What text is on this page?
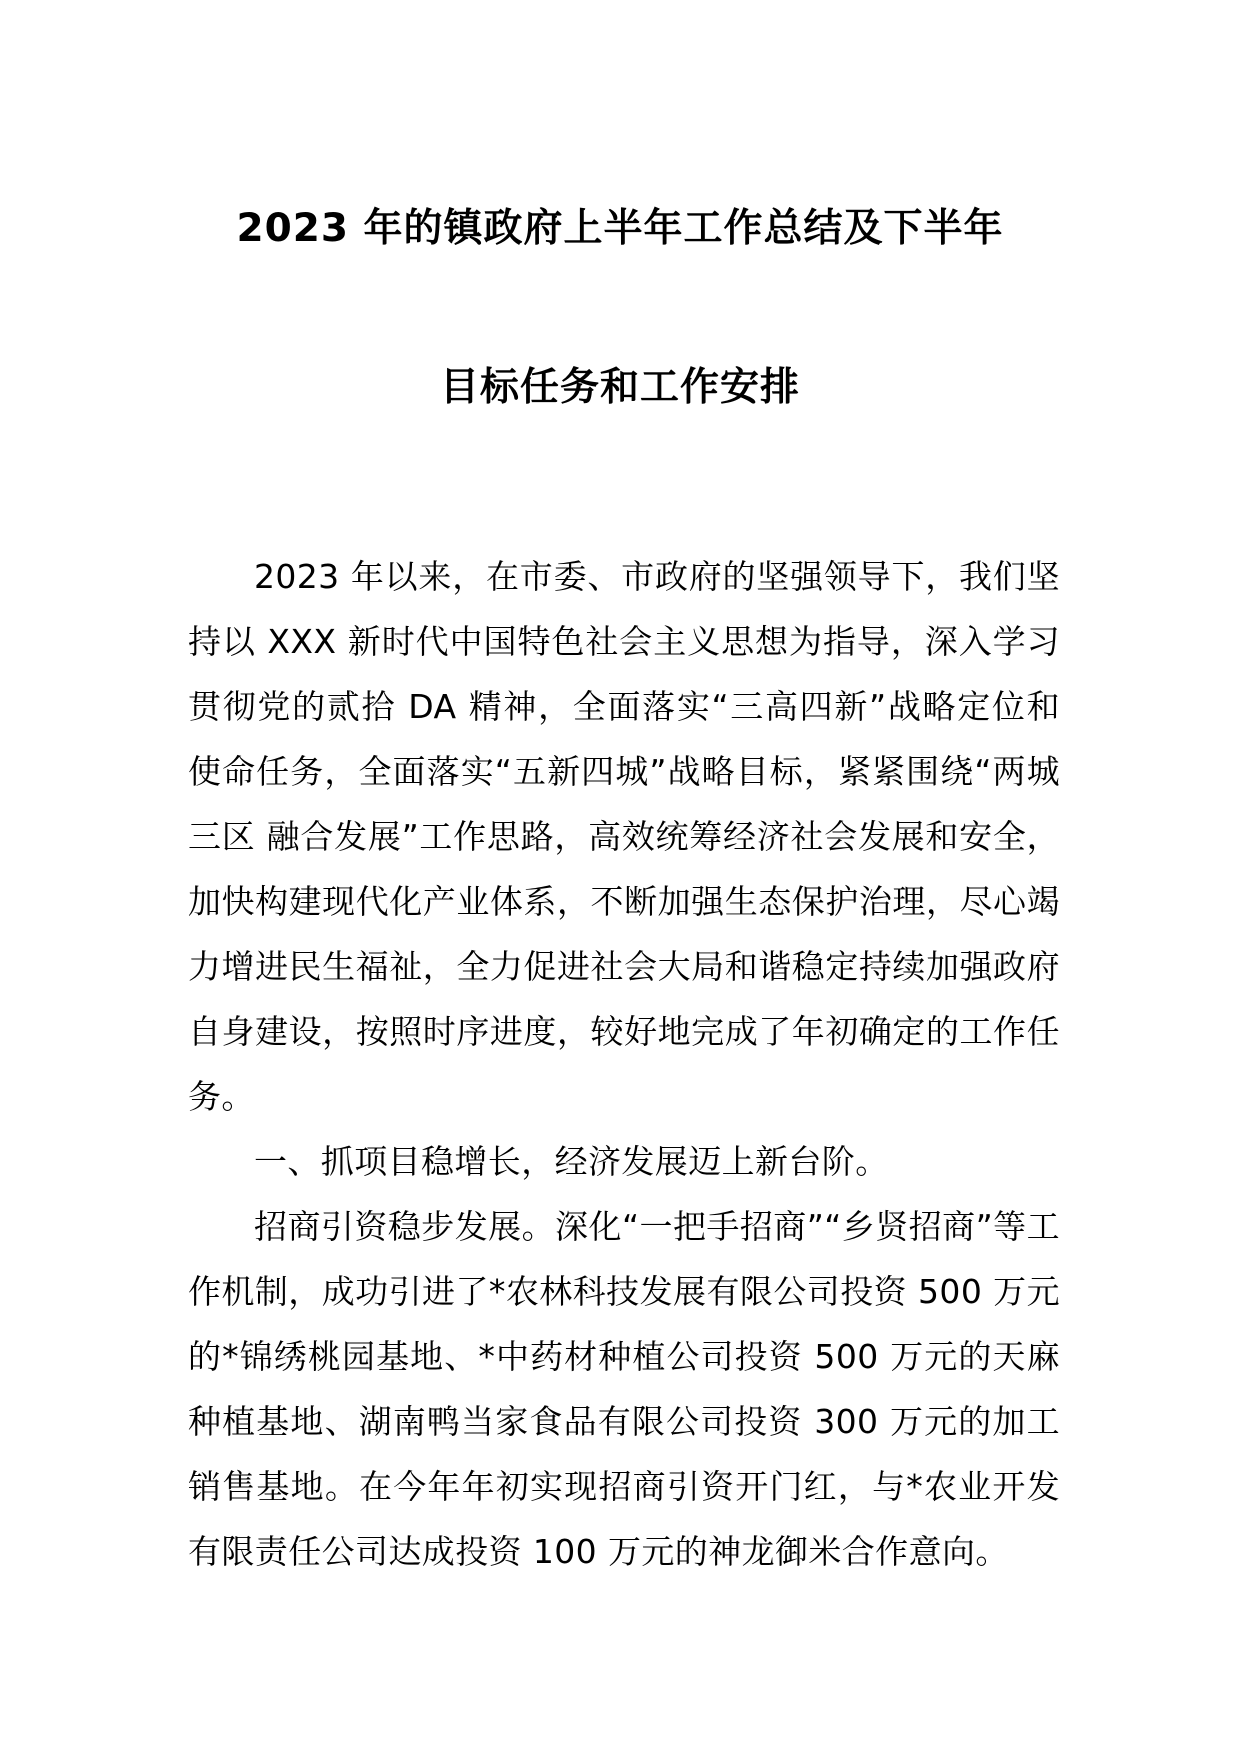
2023 年的镇政府上半年工作总结及下半年
目标任务和工作安排

2023 年以来，在市委、市政府的坚强领导下，我们坚持以 XXX 新时代中国特色社会主义思想为指导，深入学习贯彻党的贰拾 DA 精神，全面落实“三高四新”战略定位和使命任务，全面落实“五新四城”战略目标，紧紧围绕“两城三区 融合发展”工作思路，高效统筹经济社会发展和安全，加快构建现代化产业体系，不断加强生态保护治理，尽心竭力增进民生福祉，全力促进社会大局和谐稳定持续加强政府自身建设，按照时序进度，较好地完成了年初确定的工作任务。

一、抓项目稳增长，经济发展迈上新台阶。

招商引资稳步发展。深化“一把手招商”“乡贤招商”等工作机制，成功引进了*农林科技发展有限公司投资 500 万元的*锦绣桃园基地、*中药材种植公司投资 500 万元的天麻种植基地、湖南鸭当家食品有限公司投资 300 万元的加工销售基地。在今年年初实现招商引资开门红，与*农业开发有限责任公司达成投资 100 万元的神龙御米合作意向。
